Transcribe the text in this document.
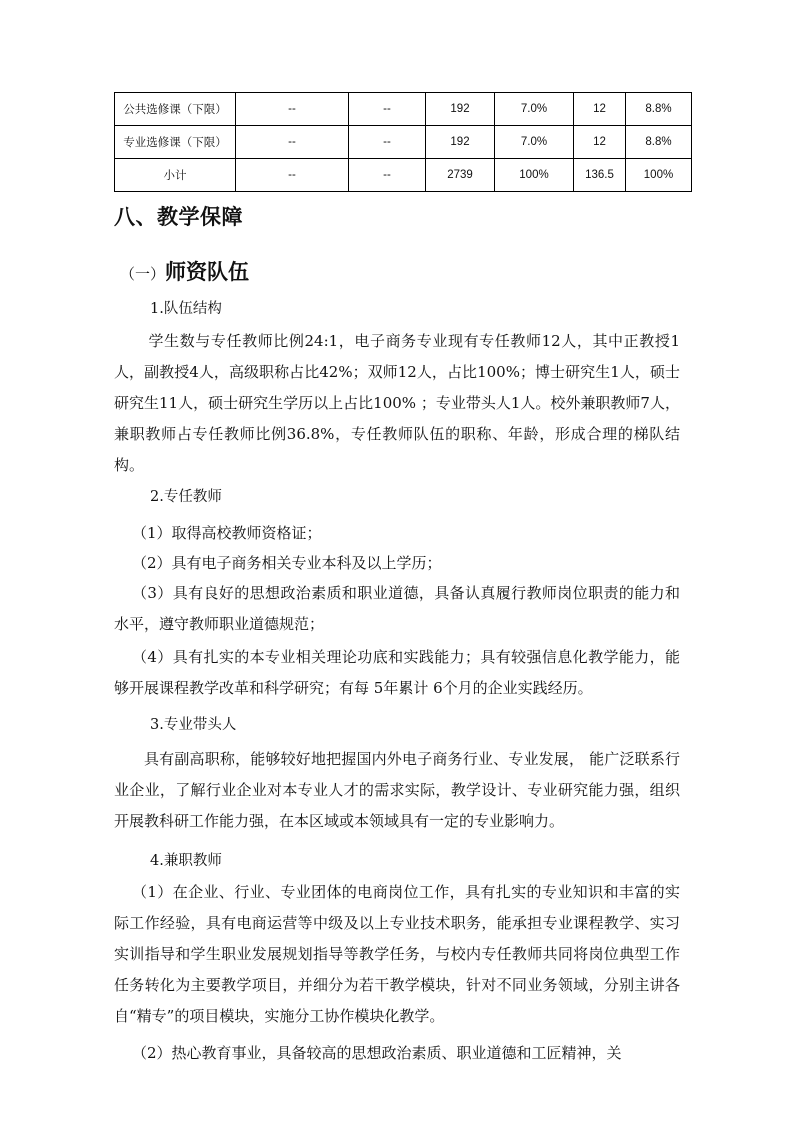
公共选修课（下限）	--	--	192	7.0%	12	8.8%
专业选修课（下限）	--	--	192	7.0%	12	8.8%
小计	--	--	2739	100%	136.5	100%
八、教学保障
（一）师资队伍
1.队伍结构
学生数与专任教师比例24:1，电子商务专业现有专任教师12人，其中正教授1人，副教授4人，高级职称占比42%；双师12人，占比100%；博士研究生1人，硕士研究生11人，硕士研究生学历以上占比100% ；专业带头人1人。校外兼职教师7人，兼职教师占专任教师比例36.8%，专任教师队伍的职称、年龄，形成合理的梯队结构。
2.专任教师
（1）取得高校教师资格证；
（2）具有电子商务相关专业本科及以上学历；
（3）具有良好的思想政治素质和职业道德，具备认真履行教师岗位职责的能力和水平，遵守教师职业道德规范；
（4）具有扎实的本专业相关理论功底和实践能力；具有较强信息化教学能力，能够开展课程教学改革和科学研究；有每 5年累计 6个月的企业实践经历。
3.专业带头人
具有副高职称，能够较好地把握国内外电子商务行业、专业发展， 能广泛联系行业企业，了解行业企业对本专业人才的需求实际，教学设计、专业研究能力强，组织开展教科研工作能力强，在本区域或本领域具有一定的专业影响力。
4.兼职教师
（1）在企业、行业、专业团体的电商岗位工作，具有扎实的专业知识和丰富的实际工作经验，具有电商运营等中级及以上专业技术职务，能承担专业课程教学、实习实训指导和学生职业发展规划指导等教学任务，与校内专任教师共同将岗位典型工作任务转化为主要教学项目，并细分为若干教学模块，针对不同业务领域，分别主讲各自“精专”的项目模块，实施分工协作模块化教学。
（2）热心教育事业，具备较高的思想政治素质、职业道德和工匠精神，关
